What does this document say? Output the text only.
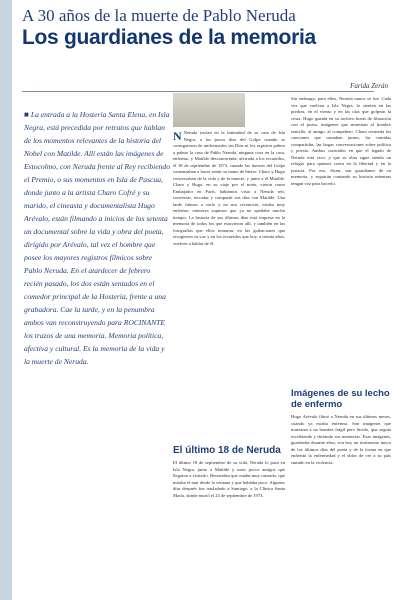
A 30 años de la muerte de Pablo Neruda
Los guardianes de la memoria
Farida Zerán
■ La entrada a la Hostería Santa Elena, en Isla Negra, está precedida por retratos que hablan de los momentos relevantes de la historia del Nobel con Matilde. Allí están las imágenes de Estocolmo, con Neruda frente al Rey recibiendo el Premio, o sus momentos en Isla de Pascua, donde junto a la artista Charo Cofré y su marido, el cineasta y documentalista Hugo Arévalo, están filmando a inicios de los setenta un documental sobre la vida y obra del poeta, dirigido por Arévalo, tal vez el hombre que posee los mayores registros fílmicos sobre Pablo Neruda. En el atardecer de febrero recién pasado, los dos están sentados en el comedor principal de la Hostería, frente a una grabadora. Cae la tarde, y en la penumbra ambos van reconstruyendo para ROCINANTE los trazos de una memoria. Memoria política, afectiva y cultural. Es la memoria de la vida y la muerte de Neruda.
N Neruda yacían en la intimidad de su casa de Isla Negra, a los pocos días del Golpe cuando se consiguieron de uniformados sin Dios ni ley registrar palmo a palmo la casa de Pablo Neruda, ninguna cosa en la casa, enfermo, y Matilde desconcertada, aferrada a los recuerdos, el 18 de septiembre de 1973, cuando las fuerzas del Golpe comenzaban a hacer sentir su mano de hierro. Charo y Hugo conversaban de la vida y de la muerte, y junto a él Matilde. Charo y Hugo, en su viaje por el norte, vieron como Embajador en París, habíamos visto a Neruda reír, conversar, recordar y compartir sus días con Matilde. Una tarde fuimos a verlo y no nos reconoció, estaba muy enfermo; entonces supimos que ya no quedaba mucho tiempo. La historia de sus últimos días está impresa en la memoria de todos los que estuvieron allí, y también en las fotografías que ellos tomaron, en las grabaciones que recogieron su voz y en los recuerdos que hoy, a treinta años, vuelven a hablar de él.
El último 18 de Neruda
El último 18 de septiembre de su vida, Neruda lo pasó en Isla Negra, junto a Matilde y unos pocos amigos que llegaron a visitarlo. Recuerdan que estaba muy cansado, que miraba el mar desde la ventana y que hablaba poco. Algunos días después fue trasladado a Santiago, a la Clínica Santa María, donde murió el 23 de septiembre de 1973.
Sin embargo, para ellos, Neruda nunca se fue. Cada vez que vuelven a Isla Negra, lo sienten en las piedras, en el viento y en las olas que golpean la costa. Hugo guarda en su archivo horas de filmación con el poeta, imágenes que muestran al hombre sencillo, al amigo, al compañero. Charo recuerda las canciones que cantaban juntos, las comidas compartidas, las largas conversaciones sobre política y poesía. Ambos coinciden en que el legado de Neruda está vivo, y que su obra sigue siendo un refugio para quienes creen en la libertad y en la justicia. Por eso, dicen, son guardianes de su memoria, y seguirán contando su historia mientras tengan voz para hacerlo.
Imágenes de su lecho de enfermo
Hugo Arévalo filmó a Neruda en sus últimos meses, cuando ya estaba enfermo. Son imágenes que muestran a un hombre frágil pero lúcido, que seguía escribiendo y dictando sus memorias. Esas imágenes, guardadas durante años, son hoy un testimonio único de los últimos días del poeta y de la forma en que enfrentó la enfermedad y el dolor de ver a su país sumido en la violencia.
